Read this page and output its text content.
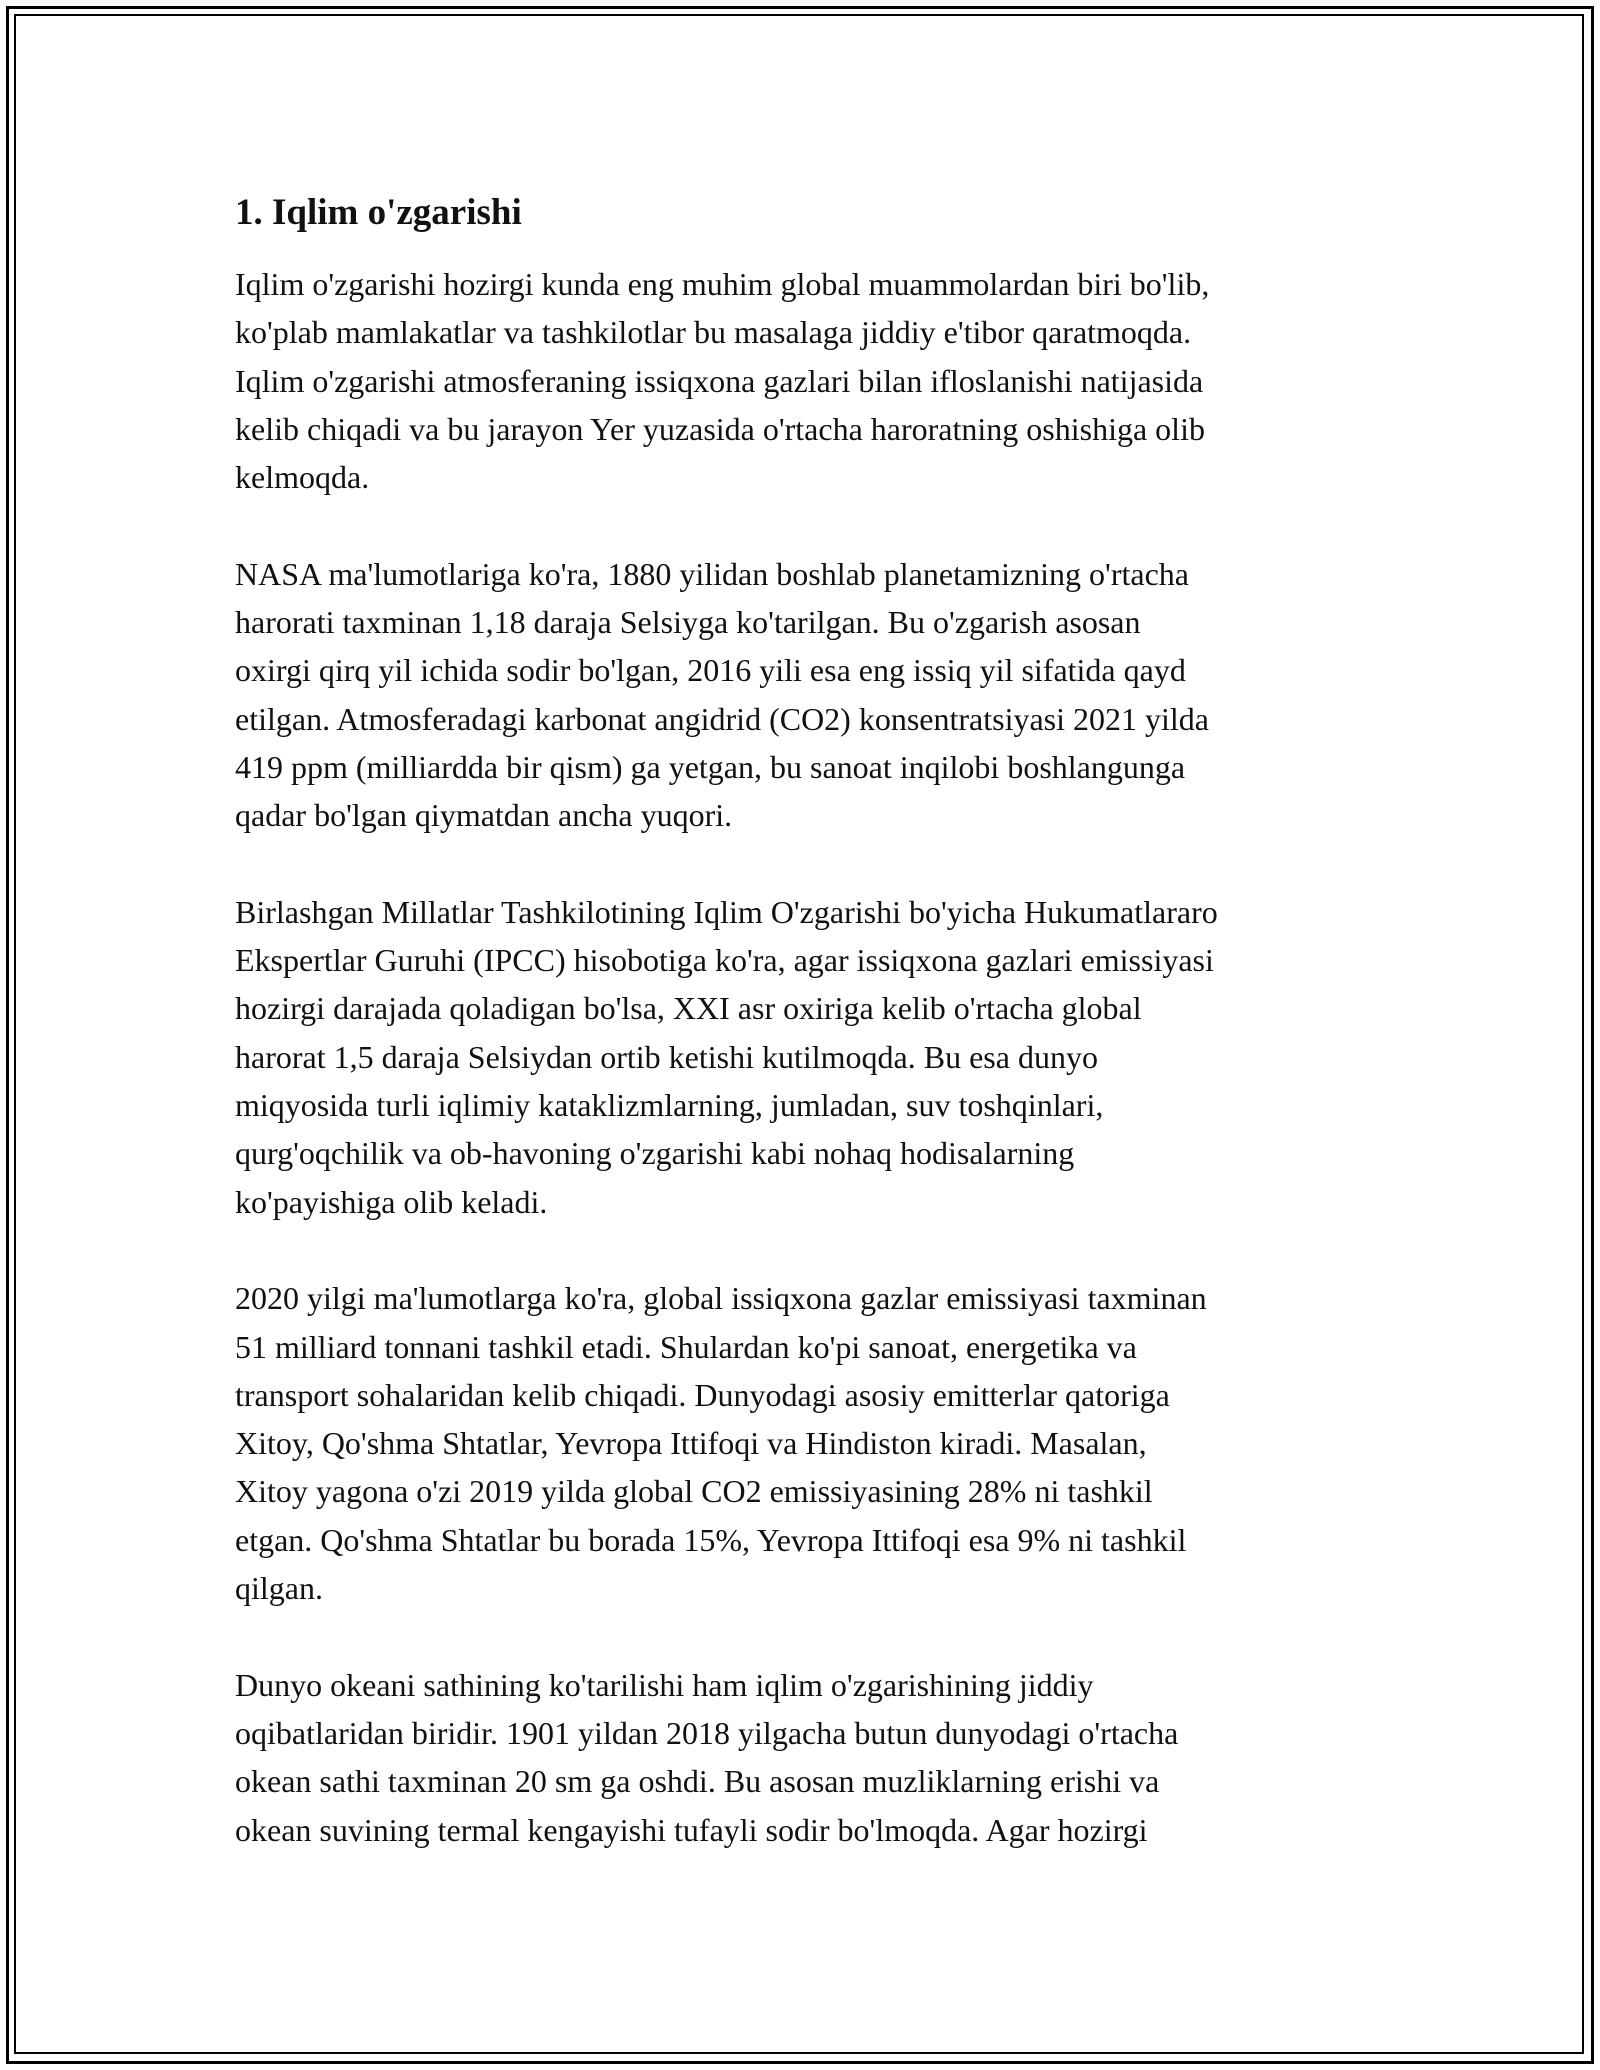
1. Iqlim o'zgarishi
Iqlim o'zgarishi hozirgi kunda eng muhim global muammolardan biri bo'lib,
ko'plab mamlakatlar va tashkilotlar bu masalaga jiddiy e'tibor qaratmoqda.
Iqlim o'zgarishi atmosferaning issiqxona gazlari bilan ifloslanishi natijasida
kelib chiqadi va bu jarayon Yer yuzasida o'rtacha haroratning oshishiga olib
kelmoqda.
NASA ma'lumotlariga ko'ra, 1880 yilidan boshlab planetamizning o'rtacha
harorati taxminan 1,18 daraja Selsiyga ko'tarilgan. Bu o'zgarish asosan
oxirgi qirq yil ichida sodir bo'lgan, 2016 yili esa eng issiq yil sifatida qayd
etilgan. Atmosferadagi karbonat angidrid (CO2) konsentratsiyasi 2021 yilda
419 ppm (milliardda bir qism) ga yetgan, bu sanoat inqilobi boshlangunga
qadar bo'lgan qiymatdan ancha yuqori.
Birlashgan Millatlar Tashkilotining Iqlim O'zgarishi bo'yicha Hukumatlararo
Ekspertlar Guruhi (IPCC) hisobotiga ko'ra, agar issiqxona gazlari emissiyasi
hozirgi darajada qoladigan bo'lsa, XXI asr oxiriga kelib o'rtacha global
harorat 1,5 daraja Selsiydan ortib ketishi kutilmoqda. Bu esa dunyo
miqyosida turli iqlimiy kataklizmlarning, jumladan, suv toshqinlari,
qurg'oqchilik va ob-havoning o'zgarishi kabi nohaq hodisalarning
ko'payishiga olib keladi.
2020 yilgi ma'lumotlarga ko'ra, global issiqxona gazlar emissiyasi taxminan
51 milliard tonnani tashkil etadi. Shulardan ko'pi sanoat, energetika va
transport sohalaridan kelib chiqadi. Dunyodagi asosiy emitterlar qatoriga
Xitoy, Qo'shma Shtatlar, Yevropa Ittifoqi va Hindiston kiradi. Masalan,
Xitoy yagona o'zi 2019 yilda global CO2 emissiyasining 28% ni tashkil
etgan. Qo'shma Shtatlar bu borada 15%, Yevropa Ittifoqi esa 9% ni tashkil
qilgan.
Dunyo okeani sathining ko'tarilishi ham iqlim o'zgarishining jiddiy
oqibatlaridan biridir. 1901 yildan 2018 yilgacha butun dunyodagi o'rtacha
okean sathi taxminan 20 sm ga oshdi. Bu asosan muzliklarning erishi va
okean suvining termal kengayishi tufayli sodir bo'lmoqda. Agar hozirgi
